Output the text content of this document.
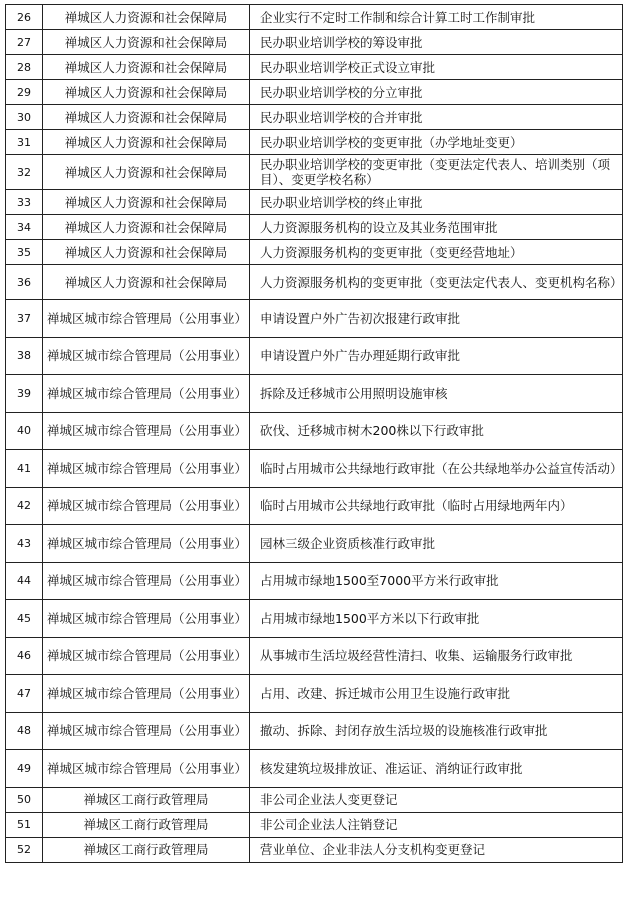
26	禅城区人力资源和社会保障局	企业实行不定时工作制和综合计算工时工作制审批
27	禅城区人力资源和社会保障局	民办职业培训学校的筹设审批
28	禅城区人力资源和社会保障局	民办职业培训学校正式设立审批
29	禅城区人力资源和社会保障局	民办职业培训学校的分立审批
30	禅城区人力资源和社会保障局	民办职业培训学校的合并审批
31	禅城区人力资源和社会保障局	民办职业培训学校的变更审批（办学地址变更）
32	禅城区人力资源和社会保障局	民办职业培训学校的变更审批（变更法定代表人、培训类别（项目）、变更学校名称）
33	禅城区人力资源和社会保障局	民办职业培训学校的终止审批
34	禅城区人力资源和社会保障局	人力资源服务机构的设立及其业务范围审批
35	禅城区人力资源和社会保障局	人力资源服务机构的变更审批（变更经营地址）
36	禅城区人力资源和社会保障局	人力资源服务机构的变更审批（变更法定代表人、变更机构名称）
37	禅城区城市综合管理局（公用事业）	申请设置户外广告初次报建行政审批
38	禅城区城市综合管理局（公用事业）	申请设置户外广告办理延期行政审批
39	禅城区城市综合管理局（公用事业）	拆除及迁移城市公用照明设施审核
40	禅城区城市综合管理局（公用事业）	砍伐、迁移城市树木200株以下行政审批
41	禅城区城市综合管理局（公用事业）	临时占用城市公共绿地行政审批（在公共绿地举办公益宣传活动）
42	禅城区城市综合管理局（公用事业）	临时占用城市公共绿地行政审批（临时占用绿地两年内）
43	禅城区城市综合管理局（公用事业）	园林三级企业资质核准行政审批
44	禅城区城市综合管理局（公用事业）	占用城市绿地1500至7000平方米行政审批
45	禅城区城市综合管理局（公用事业）	占用城市绿地1500平方米以下行政审批
46	禅城区城市综合管理局（公用事业）	从事城市生活垃圾经营性清扫、收集、运输服务行政审批
47	禅城区城市综合管理局（公用事业）	占用、改建、拆迁城市公用卫生设施行政审批
48	禅城区城市综合管理局（公用事业）	撤动、拆除、封闭存放生活垃圾的设施核准行政审批
49	禅城区城市综合管理局（公用事业）	核发建筑垃圾排放证、准运证、消纳证行政审批
50	禅城区工商行政管理局	非公司企业法人变更登记
51	禅城区工商行政管理局	非公司企业法人注销登记
52	禅城区工商行政管理局	营业单位、企业非法人分支机构变更登记
